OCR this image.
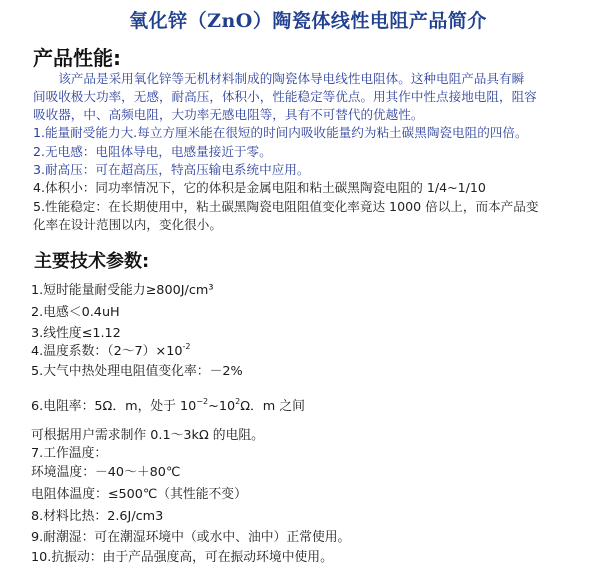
氧化锌（ZnO）陶瓷体线性电阻产品简介
产品性能:
　　该产品是采用氧化锌等无机材料制成的陶瓷体导电线性电阻体。这种电阻产品具有瞬
间吸收极大功率，无感，耐高压，体积小，性能稳定等优点。用其作中性点接地电阻，阻容
吸收器，中、高频电阻，大功率无感电阻等，具有不可替代的优越性。
1.能量耐受能力大.每立方厘米能在很短的时间内吸收能量约为粘土碳黑陶瓷电阻的四倍。
2.无电感：电阻体导电，电感量接近于零。
3.耐高压：可在超高压，特高压输电系统中应用。
4.体积小：同功率情况下，它的体积是金属电阻和粘土碳黑陶瓷电阻的 1/4~1/10
5.性能稳定：在长期使用中，粘土碳黑陶瓷电阻阻值变化率竟达 1000 倍以上，而本产品变
化率在设计范围以内，变化很小。
主要技术参数:
1.短时能量耐受能力≥800J/cm³
2.电感＜0.4uH
3.线性度≤1.12
4.温度系数：$(2\sim 7)\times 10^{-2}$
5.大气中热处理电阻值变化率：－2%
6.电阻率：5Ω．m，处于 $10^{-2}\sim 10^2\Omega$．m 之间
可根据用户需求制作 0.1～3kΩ 的电阻。
7.工作温度：
环境温度：－40～＋80℃
电阻体温度：≤500℃（其性能不变）
8.材料比热：2.6J/cm3
9.耐潮湿：可在潮湿环境中（或水中、油中）正常使用。
10.抗振动：由于产品强度高，可在振动环境中使用。
